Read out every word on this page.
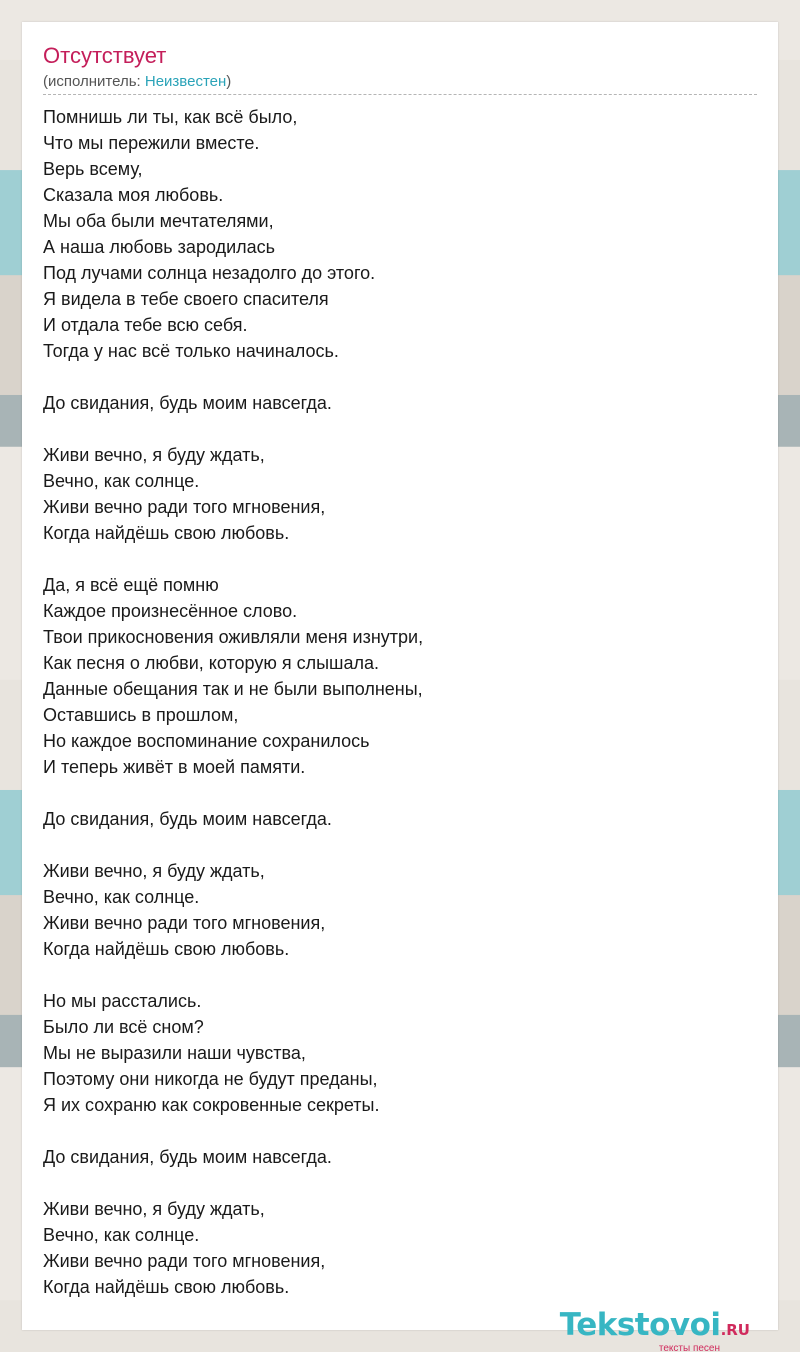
Отсутствует
(исполнитель: Неизвестен)
Помнишь ли ты, как всё было,
Что мы пережили вместе.
Верь всему,
Сказала моя любовь.
Мы оба были мечтателями,
А наша любовь зародилась
Под лучами солнца незадолго до этого.
Я видела в тебе своего спасителя
И отдала тебе всю себя.
Тогда у нас всё только начиналось.
До свидания, будь моим навсегда.
Живи вечно, я буду ждать,
Вечно, как солнце.
Живи вечно ради того мгновения,
Когда найдёшь свою любовь.
Да, я всё ещё помню
Каждое произнесённое слово.
Твои прикосновения оживляли меня изнутри,
Как песня о любви, которую я слышала.
Данные обещания так и не были выполнены,
Оставшись в прошлом,
Но каждое воспоминание сохранилось
И теперь живёт в моей памяти.
До свидания, будь моим навсегда.
Живи вечно, я буду ждать,
Вечно, как солнце.
Живи вечно ради того мгновения,
Когда найдёшь свою любовь.
Но мы расстались.
Было ли всё сном?
Мы не выразили наши чувства,
Поэтому они никогда не будут преданы,
Я их сохраню как сокровенные секреты.
До свидания, будь моим навсегда.
Живи вечно, я буду ждать,
Вечно, как солнце.
Живи вечно ради того мгновения,
Когда найдёшь свою любовь.
Tekstovoi.RU
тексты песен
